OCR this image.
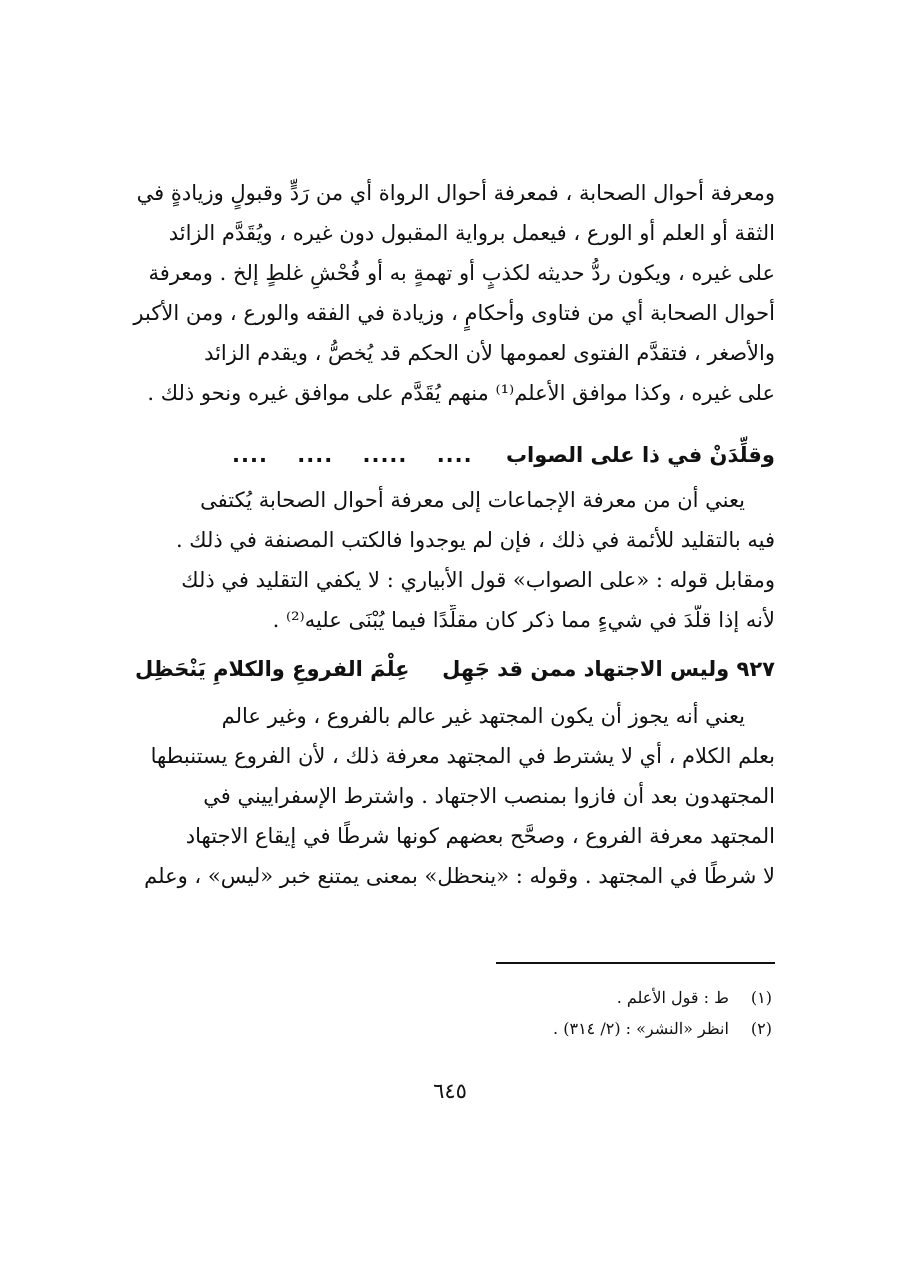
ومعرفة أحوال الصحابة ، فمعرفة أحوال الرواة أي من رَدٍّ وقبولٍ وزيادةٍ في
الثقة أو العلم أو الورع ، فيعمل برواية المقبول دون غيره ، ويُقَدَّم الزائد
على غيره ، ويكون ردُّ حديثه لكذبٍ أو تهمةٍ به أو فُحْشِ غلطٍ إلخ . ومعرفة
أحوال الصحابة أي من فتاوى وأحكامٍ ، وزيادة في الفقه والورع ، ومن الأكبر
والأصغر ، فتقدَّم الفتوى لعمومها لأن الحكم قد يُخصُّ ، ويقدم الزائد
على غيره ، وكذا موافق الأعلم⁽¹⁾ منهم يُقَدَّم على موافق غيره ونحو ذلك .
وقلِّدَنْ في ذا على الصواب .... ..... .... ....
يعني أن من معرفة الإجماعات إلى معرفة أحوال الصحابة يُكتفى
فيه بالتقليد للأئمة في ذلك ، فإن لم يوجدوا فالكتب المصنفة في ذلك .
ومقابل قوله : «على الصواب» قول الأبياري : لا يكفي التقليد في ذلك
لأنه إذا قلَّدَ في شيءٍ مما ذكر كان مقلِّدًا فيما يُبْنَى عليه⁽²⁾ .
٩٢٧ وليس الاجتهاد ممن قد جَهِل  عِلْمَ الفروعِ والكلامِ يَنْحَظِل
يعني أنه يجوز أن يكون المجتهد غير عالم بالفروع ، وغير عالم
بعلم الكلام ، أي لا يشترط في المجتهد معرفة ذلك ، لأن الفروع يستنبطها
المجتهدون بعد أن فازوا بمنصب الاجتهاد . واشترط الإسفراييني في
المجتهد معرفة الفروع ، وصحَّح بعضهم كونها شرطًا في إيقاع الاجتهاد
لا شرطًا في المجتهد . وقوله : «ينحظل» بمعنى يمتنع خبر «ليس» ، وعلم
(١) ط : قول الأعلم .
(٢) انظر «النشر» : (٢/ ٣١٤) .
٦٤٥
